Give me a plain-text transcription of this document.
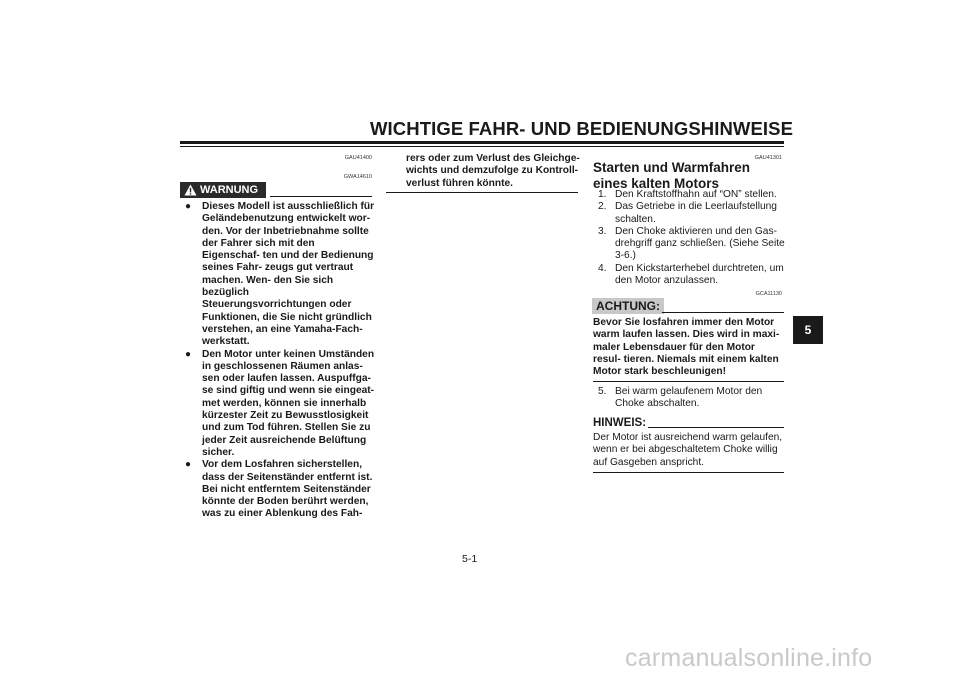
WICHTIGE FAHR- UND BEDIENUNGSHINWEISE
GAU41400
GWA14610
WARNUNG

● Dieses Modell ist ausschließlich für Geländebenutzung entwickelt wor- den. Vor der Inbetriebnahme sollte der Fahrer sich mit den Eigenschaf- ten und der Bedienung seines Fahr- zeugs gut vertraut machen. Wen- den Sie sich bezüglich Steuerungsvorrichtungen oder Funktionen, die Sie nicht gründlich verstehen, an eine Yamaha-Fach- werkstatt.

● Den Motor unter keinen Umständen in geschlossenen Räumen anlas- sen oder laufen lassen. Auspuffga- se sind giftig und wenn sie eingeat- met werden, können sie innerhalb kürzester Zeit zu Bewusstlosigkeit und zum Tod führen. Stellen Sie zu jeder Zeit ausreichende Belüftung sicher.

● Vor dem Losfahren sicherstellen, dass der Seitenständer entfernt ist. Bei nicht entferntem Seitenständer könnte der Boden berührt werden, was zu einer Ablenkung des Fah-

rers oder zum Verlust des Gleichge- wichts und demzufolge zu Kontroll- verlust führen könnte.
GAU41301
Starten und Warmfahren eines kalten Motors

1. Den Kraftstoffhahn auf “ON” stellen.

2. Das Getriebe in die Leerlaufstellung schalten.

3. Den Choke aktivieren und den Gas- drehgriff ganz schließen. (Siehe Seite 3-6.)

4. Den Kickstarterhebel durchtreten, um den Motor anzulassen.

GCA11130
ACHTUNG:
Bevor Sie losfahren immer den Motor warm laufen lassen. Dies wird in maxi- maler Lebensdauer für den Motor resul- tieren. Niemals mit einem kalten Motor stark beschleunigen!

5. Bei warm gelaufenem Motor den Choke abschalten.

HINWEIS:
Der Motor ist ausreichend warm gelaufen, wenn er bei abgeschaltetem Choke willig auf Gasgeben anspricht.
5
5-1
carmanualsonline.info
